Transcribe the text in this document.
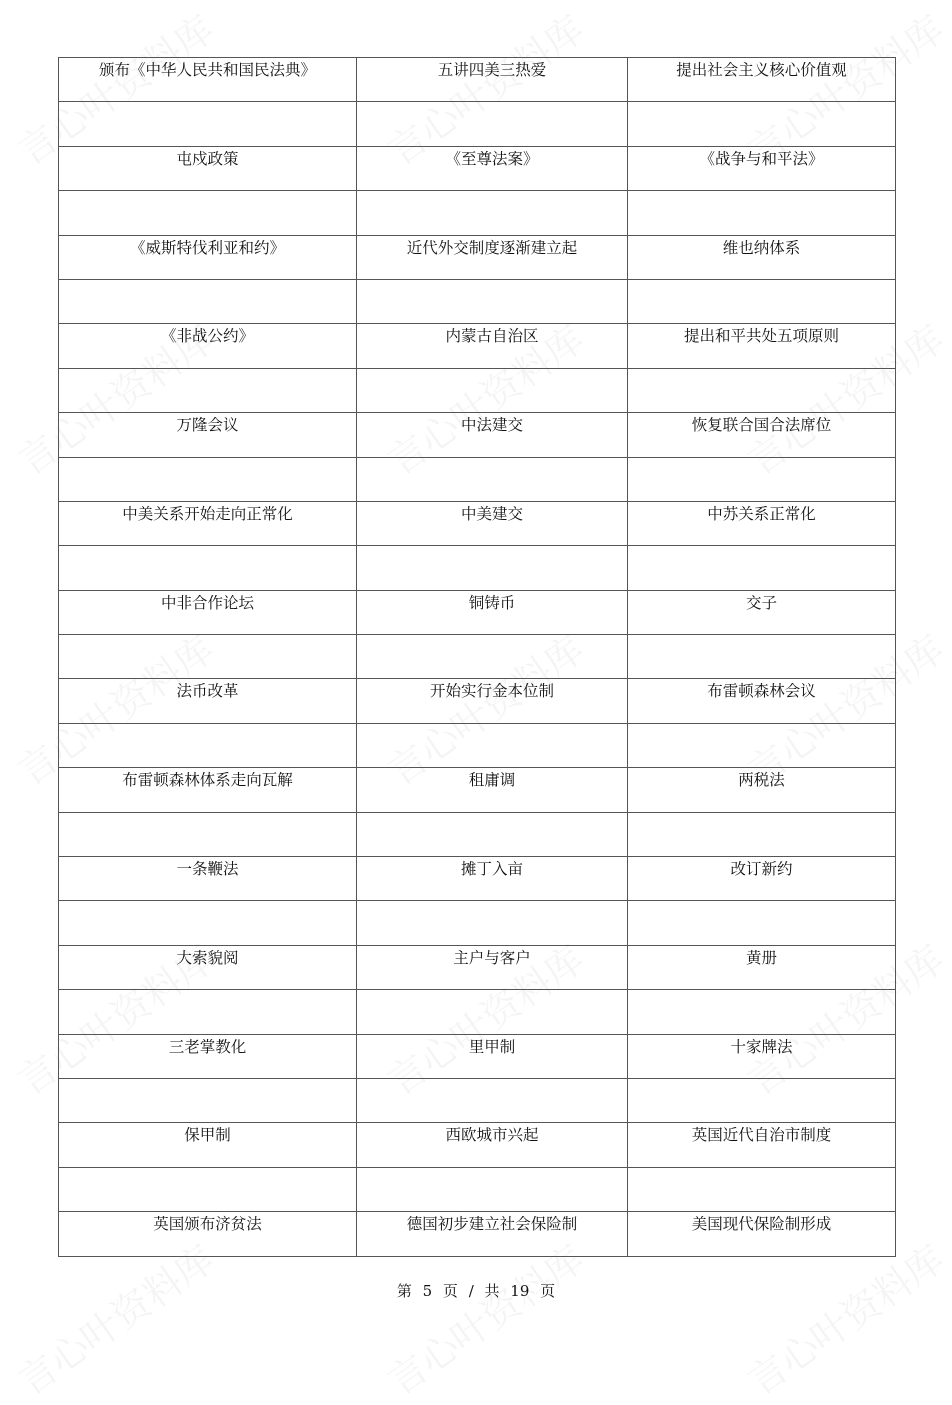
颁布《中华人民共和国民法典》	五讲四美三热爱	提出社会主义核心价值观

屯戍政策	《至尊法案》	《战争与和平法》

《威斯特伐利亚和约》	近代外交制度逐渐建立起	维也纳体系

《非战公约》	内蒙古自治区	提出和平共处五项原则

万隆会议	中法建交	恢复联合国合法席位

中美关系开始走向正常化	中美建交	中苏关系正常化

中非合作论坛	铜铸币	交子

法币改革	开始实行金本位制	布雷顿森林会议

布雷顿森林体系走向瓦解	租庸调	两税法

一条鞭法	摊丁入亩	改订新约

大索貌阅	主户与客户	黄册

三老掌教化	里甲制	十家牌法

保甲制	西欧城市兴起	英国近代自治市制度

英国颁布济贫法	德国初步建立社会保险制	美国现代保险制形成
第 5 页 / 共 19 页
